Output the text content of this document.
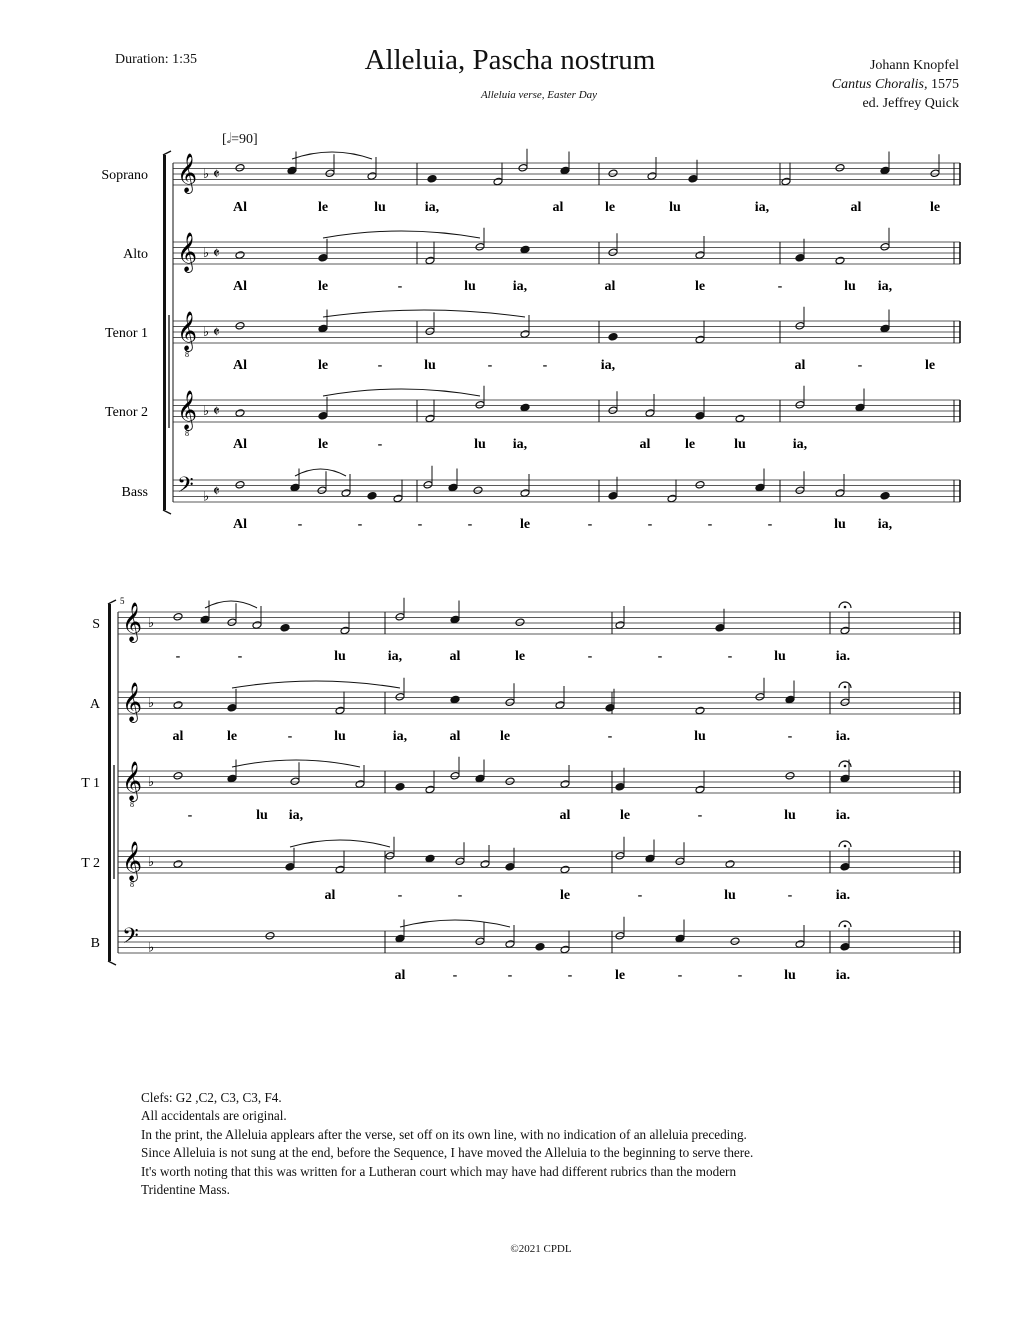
Duration: 1:35	Alleluia, Pascha nostrum
Alleluia verse, Easter Day
Johann Knopfel
Cantus Choralis, 1575
ed. Jeffrey Quick
[𝅗𝅥=90]
𝄞 ♭ 𝄵
Soprano
Al	le	lu	ia,	al	le	lu	ia,	al	le
𝄞 ♭ 𝄵
Alto
Al	le	-	lu	ia,	al	le	-	lu ia,
𝄞
8
♭ 𝄵
Tenor 1
Al	le	-	lu	-	-	ia,	al	-	le
𝄞
8
♭ 𝄵
Tenor 2
Al	le	-	lu ia,	al le	lu	ia,
𝄢 ♭ 𝄵
Bass
Al	-	-	-	-	le	-	-	-	-	lu ia,
5
𝄞 ♭
S
-	-	lu	ia,	al	le	-	-	-	lu	ia.
𝄞 ♭
A
al	le	-	lu	ia,	al	le	-	lu	-	ia.
𝄞
8
♭
T 1
-	lu ia,	al	le	-	lu	ia.
𝄞
8
♭
T 2
al	-	-	le	-	lu	-	ia.
𝄢 ♭
B
al	-	-	-	le	-	-	lu	ia.
Clefs: G2 ,C2, C3, C3, F4.
All accidentals are original.
In the print, the Alleluia applears after the verse, set off on its own line, with no indication of an alleluia preceding.
Since Alleluia is not sung at the end, before the Sequence, I have moved the Alleluia to the beginning to serve there.
It's worth noting that this was written for a Lutheran court which may have had different rubrics than the modern
Tridentine Mass.
©2021 CPDL
